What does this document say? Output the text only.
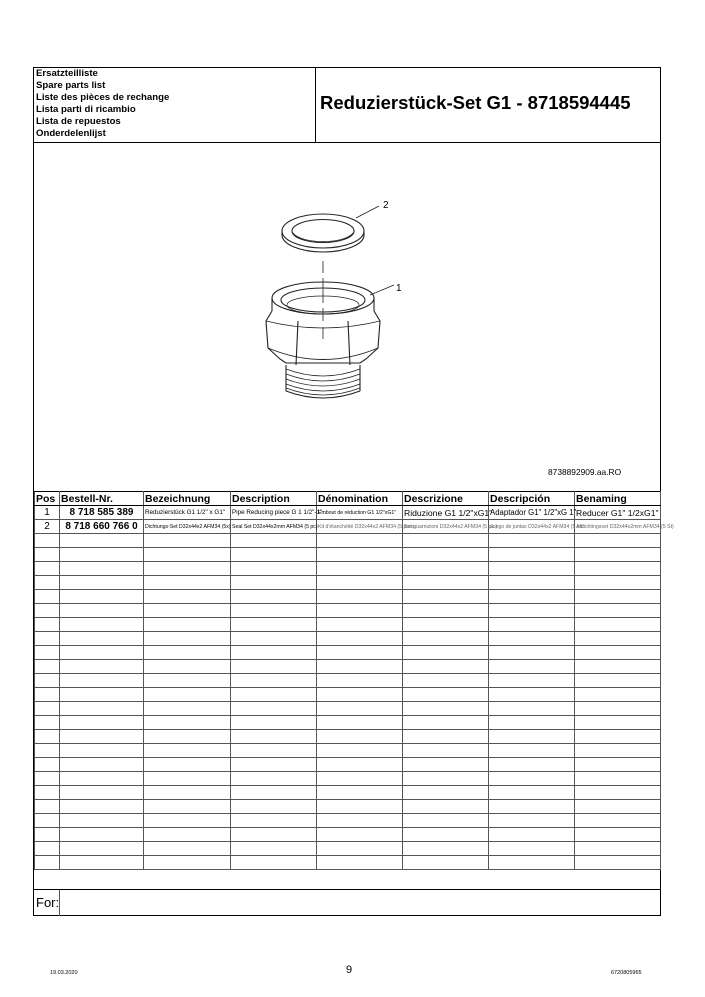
Ersatzteilliste
Spare parts list
Liste des pièces de rechange
Lista parti di ricambio
Lista de repuestos
Onderdelenlijst
Reduzierstück-Set G1 - 8718594445
2
1
8738892909.aa.RO
Pos	Bestell-Nr.	Bezeichnung	Description	Dénomination	Descrizione	Descripción	Benaming
1	8 718 585 389	Reduzierstück G1 1/2" x G1"	Pipe Reducing piece G 1 1/2"-1"	Embout de réduction G1 1/2"xG1"	Riduzione G1 1/2"xG1"	Adaptador G1" 1/2"xG 1"	Reducer G1" 1/2xG1"
2	8 718 660 766 0	Dichtungs-Set D32x44x2 AFM34 (5x)	Seal Set D32x44x2mm AFM34 (5 pc)	Kit d'étanchéité D32x44x2 AFM34 (5 pces.	Set guarnizioni D32x44x2 AFM34 (5 pz.)	Juego de juntas D32x44x2 AFM34 (5 ud.	Afdichtingsset D32x44x2mm AFM34 (5 St)

For:
19.03.2020	9	6720805965
